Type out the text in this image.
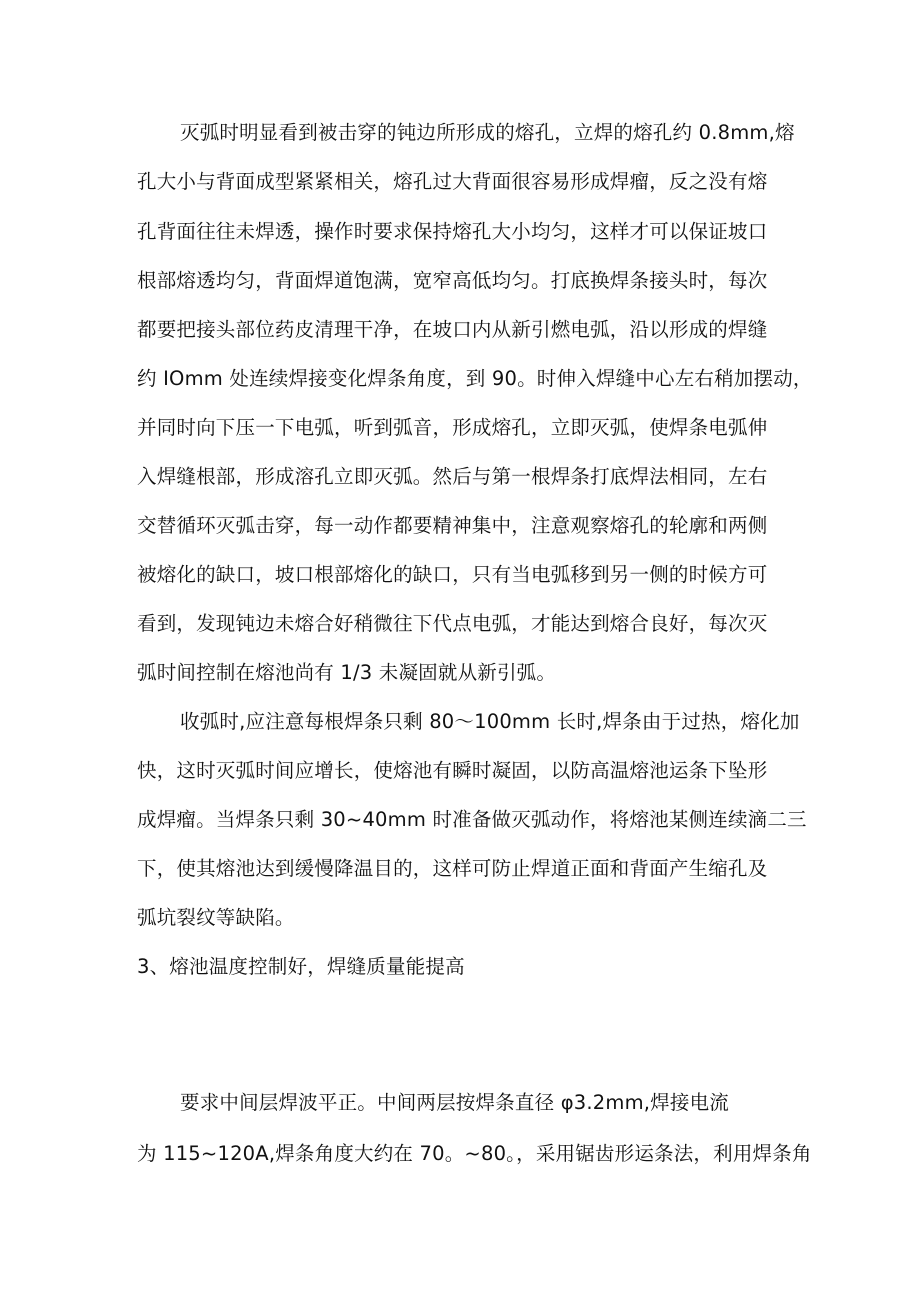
灭弧时明显看到被击穿的钝边所形成的熔孔，立焊的熔孔约 0.8mm,熔
孔大小与背面成型紧紧相关，熔孔过大背面很容易形成焊瘤，反之没有熔
孔背面往往未焊透，操作时要求保持熔孔大小均匀，这样才可以保证坡口
根部熔透均匀，背面焊道饱满，宽窄高低均匀。打底换焊条接头时，每次
都要把接头部位药皮清理干净，在坡口内从新引燃电弧，沿以形成的焊缝
约 IOmm 处连续焊接变化焊条角度，到 90。时伸入焊缝中心左右稍加摆动，
并同时向下压一下电弧，听到弧音，形成熔孔，立即灭弧，使焊条电弧伸
入焊缝根部，形成溶孔立即灭弧。然后与第一根焊条打底焊法相同，左右
交替循环灭弧击穿，每一动作都要精神集中，注意观察熔孔的轮廓和两侧
被熔化的缺口，坡口根部熔化的缺口，只有当电弧移到另一侧的时候方可
看到，发现钝边未熔合好稍微往下代点电弧，才能达到熔合良好，每次灭
弧时间控制在熔池尚有 1/3 未凝固就从新引弧。
收弧时,应注意每根焊条只剩 80～100mm 长时,焊条由于过热，熔化加
快，这时灭弧时间应增长，使熔池有瞬时凝固，以防高温熔池运条下坠形
成焊瘤。当焊条只剩 30~40mm 时准备做灭弧动作，将熔池某侧连续滴二三
下，使其熔池达到缓慢降温目的，这样可防止焊道正面和背面产生缩孔及
弧坑裂纹等缺陷。
3、熔池温度控制好，焊缝质量能提高
要求中间层焊波平正。中间两层按焊条直径 φ3.2mm,焊接电流
为 115~120A,焊条角度大约在 70。~80。，采用锯齿形运条法，利用焊条角
